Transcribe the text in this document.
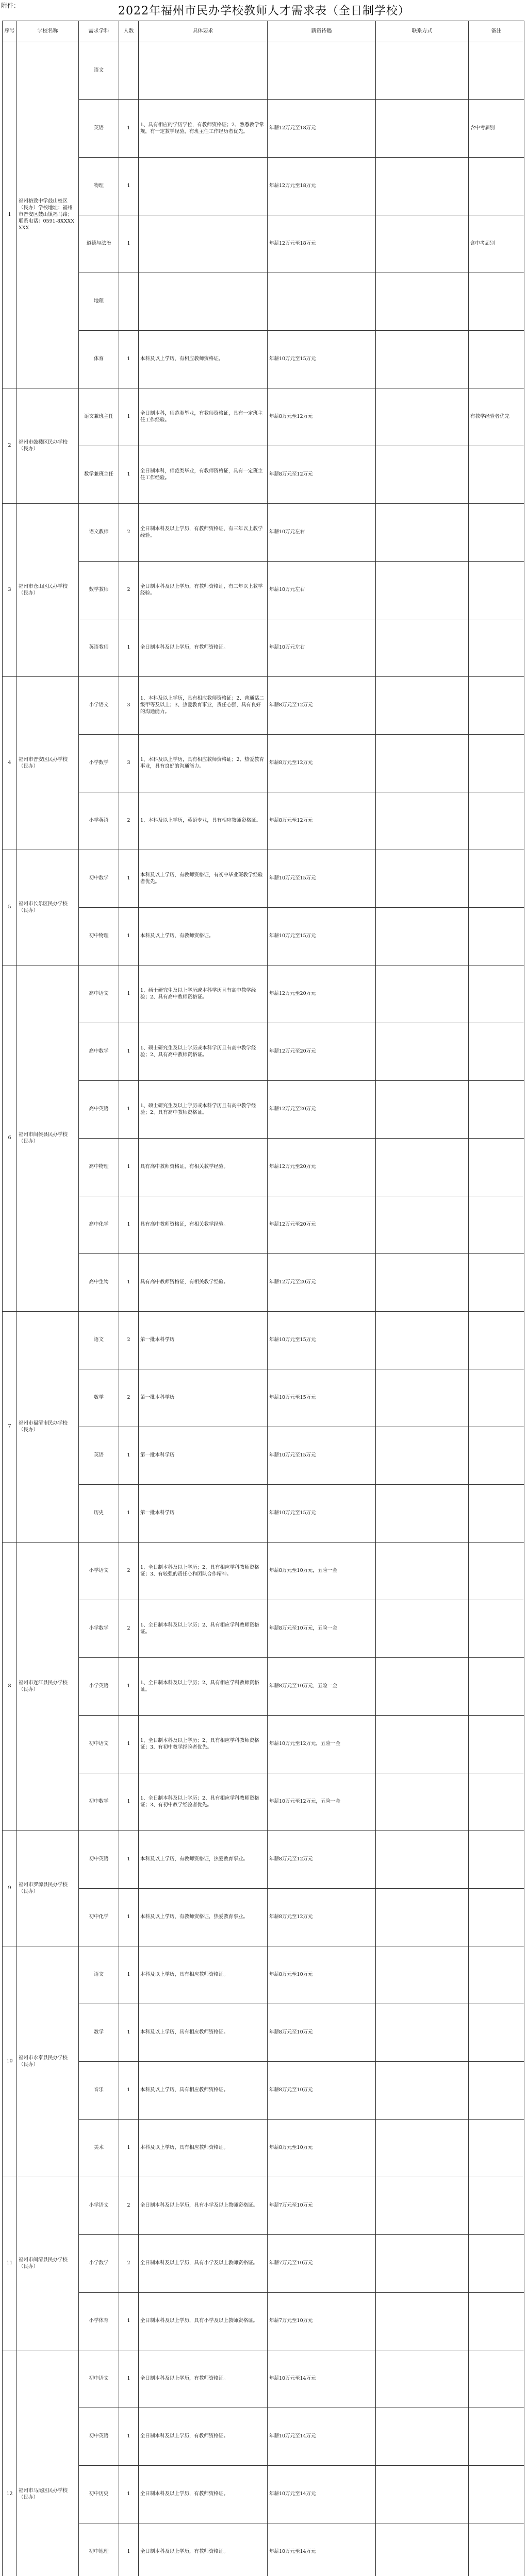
附件：	2022年福州市民办学校教师人才需求表（全日制学校）
序号	学校名称	需求学科	人数	具体要求	薪资待遇	联系方式	备注
1	福州格致中学鼓山校区（民办）学校地址：福州市晋安区鼓山镇福马路；联系电话：0591-8XXXXXXX	语文					
		英语	1	1、具有相应的学历学位，有教师资格证；2、熟悉教学常规，有一定教学经验，有班主任工作经历者优先。	年薪12万元至18万元		含中考届别
		物理	1		年薪12万元至18万元		
		道德与法治	1		年薪12万元至18万元		含中考届别
		地理					
		体育	1	本科及以上学历，有相应教师资格证。	年薪10万元至15万元		
2	福州市鼓楼区民办学校（民办）	语文兼班主任	1	全日制本科，师范类毕业，有教师资格证，具有一定班主任工作经验。	年薪8万元至12万元		有教学经验者优先
		数学兼班主任	1	全日制本科，师范类毕业，有教师资格证，具有一定班主任工作经验。	年薪8万元至12万元		
3	福州市仓山区民办学校（民办）	语文教师	2	全日制本科及以上学历，有教师资格证，有三年以上教学经验。	年薪10万元左右		
		数学教师	2	全日制本科及以上学历，有教师资格证，有三年以上教学经验。	年薪10万元左右		
		英语教师	1	全日制本科及以上学历，有教师资格证。	年薪10万元左右		
4	福州市晋安区民办学校（民办）	小学语文	3	1、本科及以上学历，具有相应教师资格证；2、普通话二级甲等及以上；3、热爱教育事业，责任心强，具有良好的沟通能力。	年薪8万元至12万元		
		小学数学	3	1、本科及以上学历，具有相应教师资格证；2、热爱教育事业，具有良好的沟通能力。	年薪8万元至12万元		
		小学英语	2	1、本科及以上学历，英语专业，具有相应教师资格证。	年薪8万元至12万元		
5	福州市长乐区民办学校（民办）	初中数学	1	本科及以上学历，有教师资格证，有初中毕业班教学经验者优先。	年薪10万元至15万元		
		初中物理	1	本科及以上学历，有教师资格证。	年薪10万元至15万元		
6	福州市闽侯县民办学校（民办）	高中语文	1	1、硕士研究生及以上学历或本科学历且有高中教学经验；2、具有高中教师资格证。	年薪12万元至20万元		
		高中数学	1	1、硕士研究生及以上学历或本科学历且有高中教学经验；2、具有高中教师资格证。	年薪12万元至20万元		
		高中英语	1	1、硕士研究生及以上学历或本科学历且有高中教学经验；2、具有高中教师资格证。	年薪12万元至20万元		
		高中物理	1	具有高中教师资格证，有相关教学经验。	年薪12万元至20万元		
		高中化学	1	具有高中教师资格证，有相关教学经验。	年薪12万元至20万元		
		高中生物	1	具有高中教师资格证，有相关教学经验。	年薪12万元至20万元		
7	福州市福清市民办学校（民办）	语文	2	第一批本科学历	年薪10万元至15万元		
		数学	2	第一批本科学历	年薪10万元至15万元		
		英语	1	第一批本科学历	年薪10万元至15万元		
		历史	1	第一批本科学历	年薪10万元至15万元		
8	福州市连江县民办学校（民办）	小学语文	2	1、全日制本科及以上学历；2、具有相应学科教师资格证；3、有较强的责任心和团队合作精神。	年薪8万元至10万元，五险一金		
		小学数学	2	1、全日制本科及以上学历；2、具有相应学科教师资格证。	年薪8万元至10万元，五险一金		
		小学英语	1	1、全日制本科及以上学历；2、具有相应学科教师资格证。	年薪8万元至10万元，五险一金		
		初中语文	1	1、全日制本科及以上学历；2、具有相应学科教师资格证；3、有初中教学经验者优先。	年薪10万元至12万元，五险一金		
		初中数学	1	1、全日制本科及以上学历；2、具有相应学科教师资格证；3、有初中教学经验者优先。	年薪10万元至12万元，五险一金		
9	福州市罗源县民办学校（民办）	初中英语	1	本科及以上学历，有教师资格证，热爱教育事业。	年薪8万元至12万元		
		初中化学	1	本科及以上学历，有教师资格证，热爱教育事业。	年薪8万元至12万元		
10	福州市永泰县民办学校（民办）	语文	1	本科及以上学历，具有相应教师资格证。	年薪8万元至10万元		
		数学	1	本科及以上学历，具有相应教师资格证。	年薪8万元至10万元		
		音乐	1	本科及以上学历，具有相应教师资格证。	年薪8万元至10万元		
		美术	1	本科及以上学历，具有相应教师资格证。	年薪8万元至10万元		
11	福州市闽清县民办学校（民办）	小学语文	2	全日制本科及以上学历，具有小学及以上教师资格证。	年薪7万元至10万元		
		小学数学	2	全日制本科及以上学历，具有小学及以上教师资格证。	年薪7万元至10万元		
		小学体育	1	全日制本科及以上学历，具有小学及以上教师资格证。	年薪7万元至10万元		
12	福州市马尾区民办学校（民办）	初中语文	1	全日制本科及以上学历，有教师资格证。	年薪10万元至14万元		
		初中英语	1	全日制本科及以上学历，有教师资格证。	年薪10万元至14万元		
		初中历史	1	全日制本科及以上学历，有教师资格证。	年薪10万元至14万元		
		初中地理	1	全日制本科及以上学历，有教师资格证。	年薪10万元至14万元		
